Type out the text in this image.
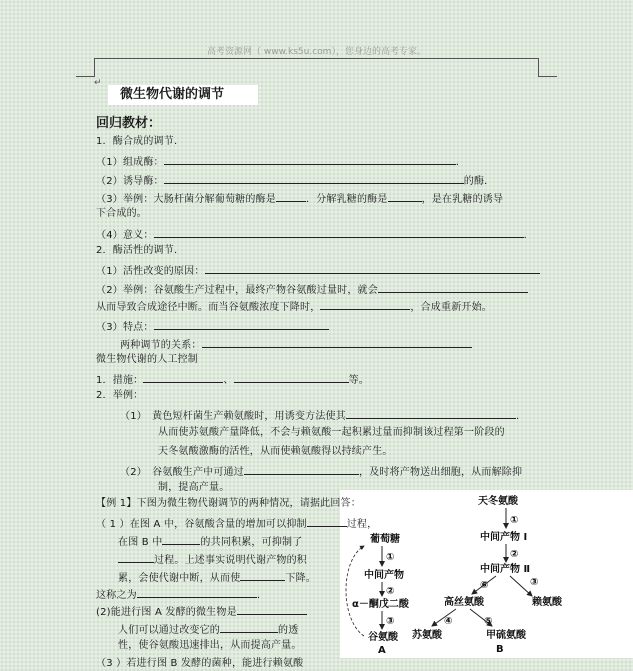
高考资源网（ www.ks5u.com），您身边的高考专家。
↵
微生物代谢的调节
回归教材：
1．酶合成的调节．
（1）组成酶：	.
（2）诱导酶：	的酶．
（3）举例：大肠杆菌分解葡萄糖的酶是	．分解乳糖的酶是	，是在乳糖的诱导
下合成的。
（4）意义：	.
2．酶活性的调节．
（1）活性改变的原因：
（2）举例：谷氨酸生产过程中，最终产物谷氨酸过量时，就会
从而导致合成途径中断。而当谷氨酸浓度下降时，	，合成重新开始。
（3）特点：
两种调节的关系：
微生物代谢的人工控制
1．措施：	、	等。
2．举例：
（1）　黄色短杆菌生产赖氨酸时，用诱变方法使其	.
从而使苏氨酸产量降低，不会与赖氨酸一起积累过量而抑制该过程第一阶段的
天冬氨酸激酶的活性，从而使赖氨酸得以持续产生。
（2）　谷氨酸生产中可通过	，及时将产物送出细胞，从而解除抑
制，提高产量。
【例 1】下图为微生物代谢调节的两种情况，请据此回答：
（ 1 ）在图 A 中，谷氨酸含量的增加可以抑制	过程，
在图 B 中	的共同积累，可抑制了
过程。上述事实说明代谢产物的积
累，会使代谢中断，从而使	下降。
这称之为	.
(2)能进行图 A 发酵的微生物是
人们可以通过改变它的	的透
性，使谷氨酸迅速排出，从而提高产量。
（3 ）若进行图 B 发酵的菌种，能进行赖氨酸
葡萄糖
①
中间产物
②
α－酮戊二酸
③
谷氨酸
A
天冬氨酸
①
中间产物 Ⅰ
②
中间产物 Ⅱ
③
赖氨酸
⑥
高丝氨酸
④
苏氨酸
⑤
甲硫氨酸
B
